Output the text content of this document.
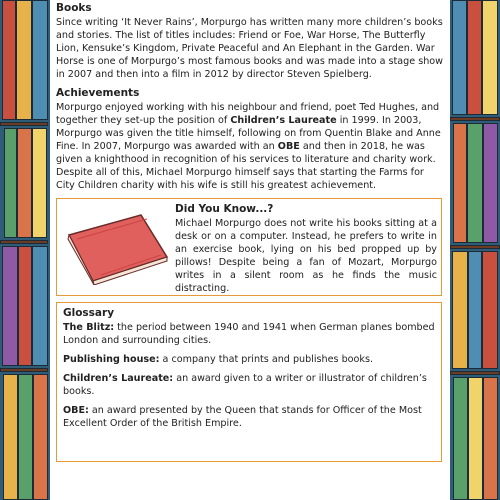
Books

Since writing ‘It Never Rains’, Morpurgo has written many more children’s books and stories. The list of titles includes: Friend or Foe, War Horse, The Butterfly Lion, Kensuke’s Kingdom, Private Peaceful and An Elephant in the Garden. War Horse is one of Morpurgo’s most famous books and was made into a stage show in 2007 and then into a film in 2012 by director Steven Spielberg.

Achievements

Morpurgo enjoyed working with his neighbour and friend, poet Ted Hughes, and together they set-up the position of Children’s Laureate in 1999. In 2003, Morpurgo was given the title himself, following on from Quentin Blake and Anne Fine. In 2007, Morpurgo was awarded with an OBE and then in 2018, he was given a knighthood in recognition of his services to literature and charity work. Despite all of this, Michael Morpurgo himself says that starting the Farms for City Children charity with his wife is still his greatest achievement.

Did You Know...?

Michael Morpurgo does not write his books sitting at a desk or on a computer. Instead, he prefers to write in an exercise book, lying on his bed propped up by pillows! Despite being a fan of Mozart, Morpurgo writes in a silent room as he finds the music distracting.

Glossary

The Blitz: the period between 1940 and 1941 when German planes bombed London and surrounding cities.

Publishing house: a company that prints and publishes books.

Children’s Laureate: an award given to a writer or illustrator of children’s books.

OBE: an award presented by the Queen that stands for Officer of the Most Excellent Order of the British Empire.
